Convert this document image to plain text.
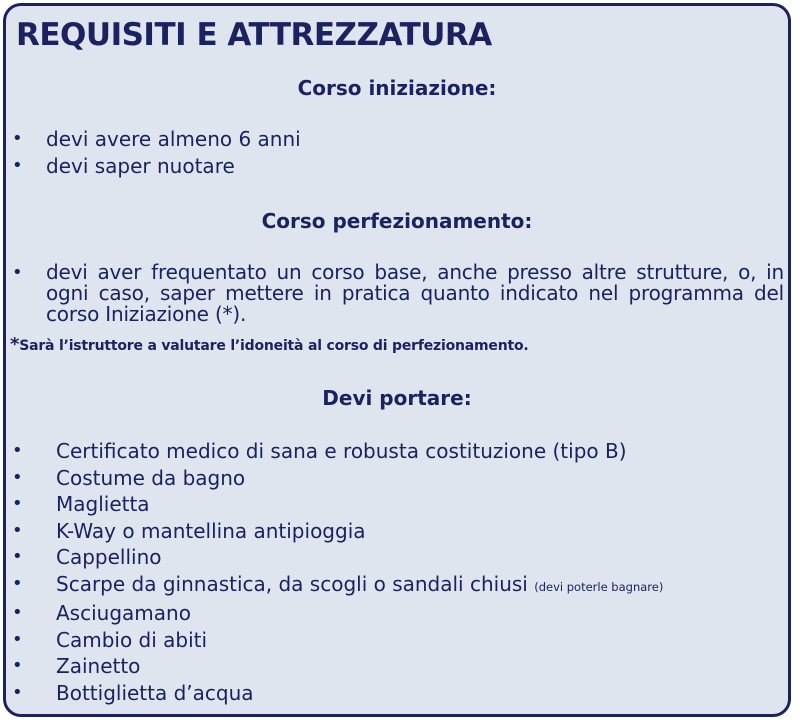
REQUISITI E ATTREZZATURA
Corso iniziazione:
• devi avere almeno 6 anni
• devi saper nuotare
Corso perfezionamento:
• devi aver frequentato un corso base, anche presso altre strutture, o, in ogni caso, saper mettere in pratica quanto indicato nel programma del corso Iniziazione (*).
*Sarà l’istruttore a valutare l’idoneità al corso di perfezionamento.
Devi portare:
• Certificato medico di sana e robusta costituzione (tipo B)
• Costume da bagno
• Maglietta
• K-Way o mantellina antipioggia
• Cappellino
• Scarpe da ginnastica, da scogli o sandali chiusi (devi poterle bagnare)
• Asciugamano
• Cambio di abiti
• Zainetto
• Bottiglietta d’acqua
